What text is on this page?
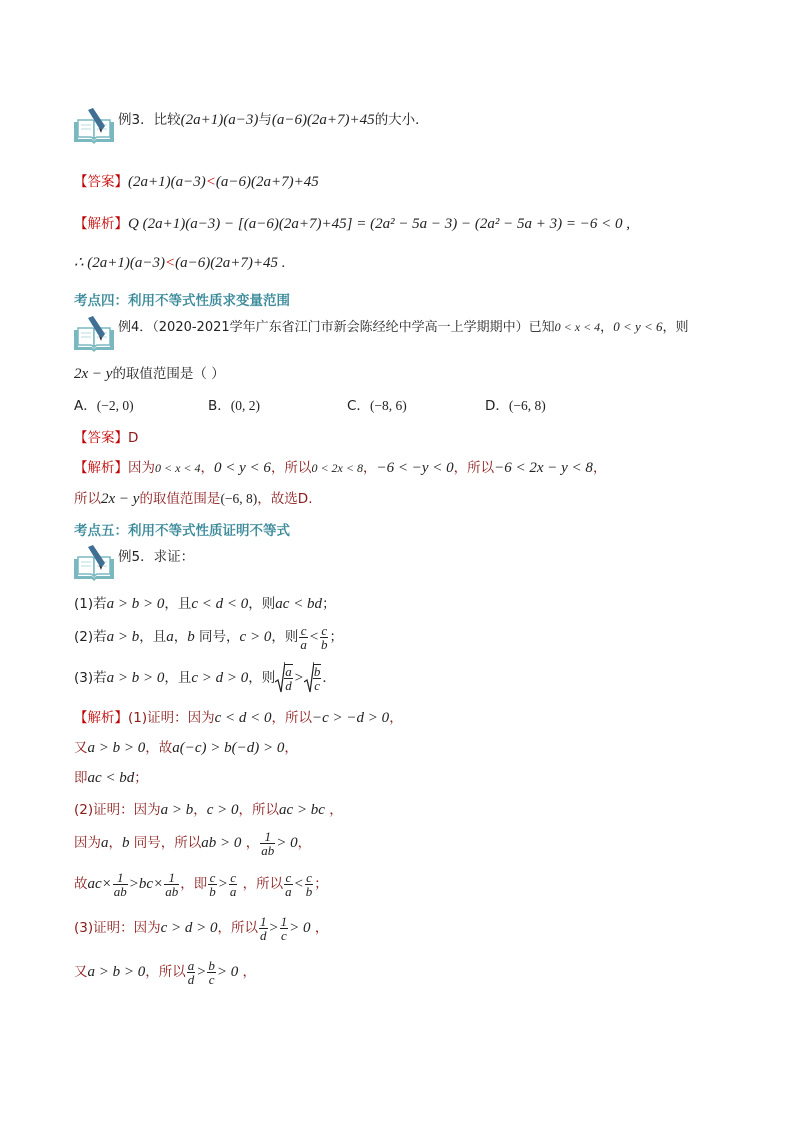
例3．比较(2a+1)(a−3)与(a−6)(2a+7)+45的大小．
【答案】(2a+1)(a−3)<(a−6)(2a+7)+45
【解析】Q (2a+1)(a−3) − [(a−6)(2a+7)+45] = (2a² − 5a − 3) − (2a² − 5a + 3) = −6 < 0 ,
∴ (2a+1)(a−3)<(a−6)(2a+7)+45 .
考点四：利用不等式性质求变量范围
例4．（2020-2021学年广东省江门市新会陈经纶中学高一上学期期中）已知0 < x < 4，0 < y < 6，则
2x − y的取值范围是（ ）
A．(−2, 0)	B．(0, 2)	C．(−8, 6)	D．(−6, 8)
【答案】D
【解析】因为0 < x < 4，0 < y < 6，所以0 < 2x < 8，−6 < −y < 0，所以−6 < 2x − y < 8，
所以2x − y的取值范围是(−6, 8)，故选D.
考点五：利用不等式性质证明不等式
例5．求证：
(1)若a > b > 0，且c < d < 0，则ac < bd；
(2)若a > b，且a，b 同号，c > 0，则 $\frac{c}{a} < \frac{c}{b}$ ；
(3)若a > b > 0，且c > d > 0，则 $\frac{a}{d} > \frac{b}{c}$ ．
【解析】(1)证明：因为c < d < 0，所以−c > −d > 0，
又a > b > 0，故a(−c) > b(−d) > 0，
即ac < bd；
(2)证明：因为a > b，c > 0，所以ac > bc ，
因为a，b 同号，所以ab > 0 ， $\frac{1}{ab} > 0$，
故$ac\times \frac{1}{ab} >bc\times \frac{1}{ab}$ ，即 $\frac{c}{b} > \frac{c}{a}$ ，所以 $\frac{c}{a} < \frac{c}{b}$ ；
(3)证明：因为c > d > 0，所以 $\frac{1}{d} > \frac{1}{c} > 0$ ，
又a > b > 0，所以 $\frac{a}{d} > \frac{b}{c} > 0$ ，
